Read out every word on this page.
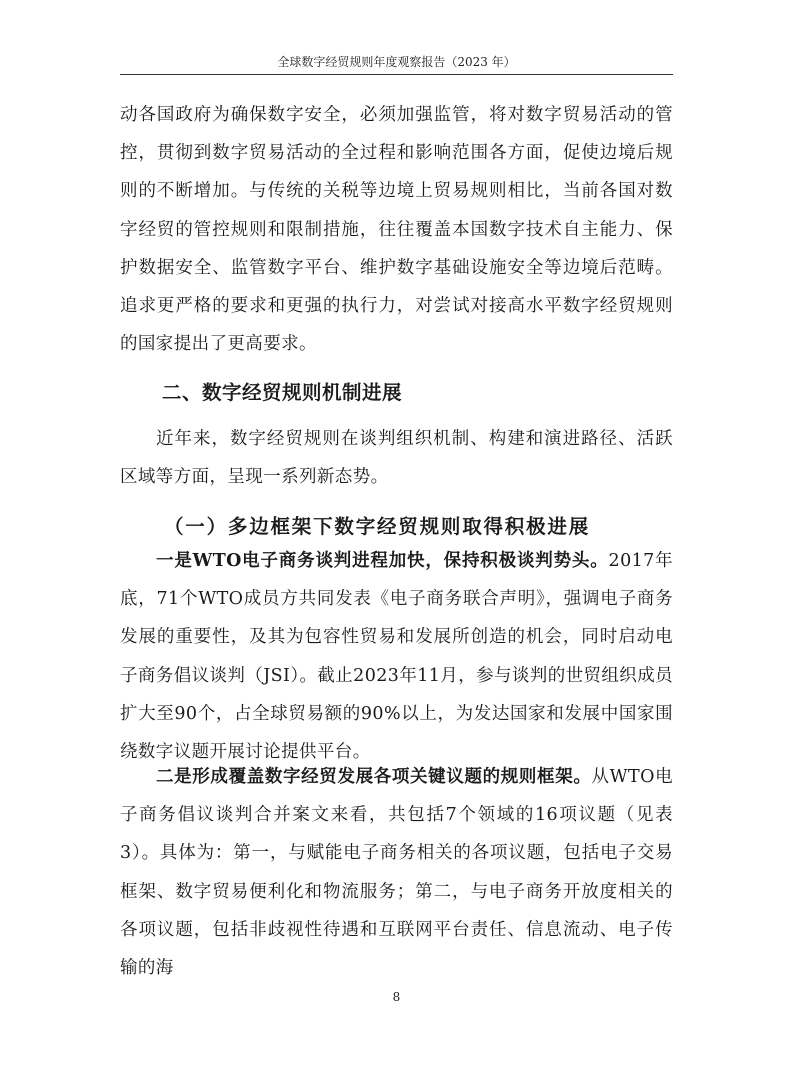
全球数字经贸规则年度观察报告（2023 年）

动各国政府为确保数字安全，必须加强监管，将对数字贸易活动的管控，贯彻到数字贸易活动的全过程和影响范围各方面，促使边境后规则的不断增加。与传统的关税等边境上贸易规则相比，当前各国对数字经贸的管控规则和限制措施，往往覆盖本国数字技术自主能力、保护数据安全、监管数字平台、维护数字基础设施安全等边境后范畴。追求更严格的要求和更强的执行力，对尝试对接高水平数字经贸规则的国家提出了更高要求。

二、数字经贸规则机制进展

近年来，数字经贸规则在谈判组织机制、构建和演进路径、活跃区域等方面，呈现一系列新态势。

（一）多边框架下数字经贸规则取得积极进展

一是WTO电子商务谈判进程加快，保持积极谈判势头。2017年底，71个WTO成员方共同发表《电子商务联合声明》，强调电子商务发展的重要性，及其为包容性贸易和发展所创造的机会，同时启动电子商务倡议谈判（JSI）。截止2023年11月，参与谈判的世贸组织成员扩大至90个，占全球贸易额的90%以上，为发达国家和发展中国家围绕数字议题开展讨论提供平台。

二是形成覆盖数字经贸发展各项关键议题的规则框架。从WTO电子商务倡议谈判合并案文来看，共包括7个领域的16项议题（见表3）。具体为：第一，与赋能电子商务相关的各项议题，包括电子交易框架、数字贸易便利化和物流服务；第二，与电子商务开放度相关的各项议题，包括非歧视性待遇和互联网平台责任、信息流动、电子传输的海

8
